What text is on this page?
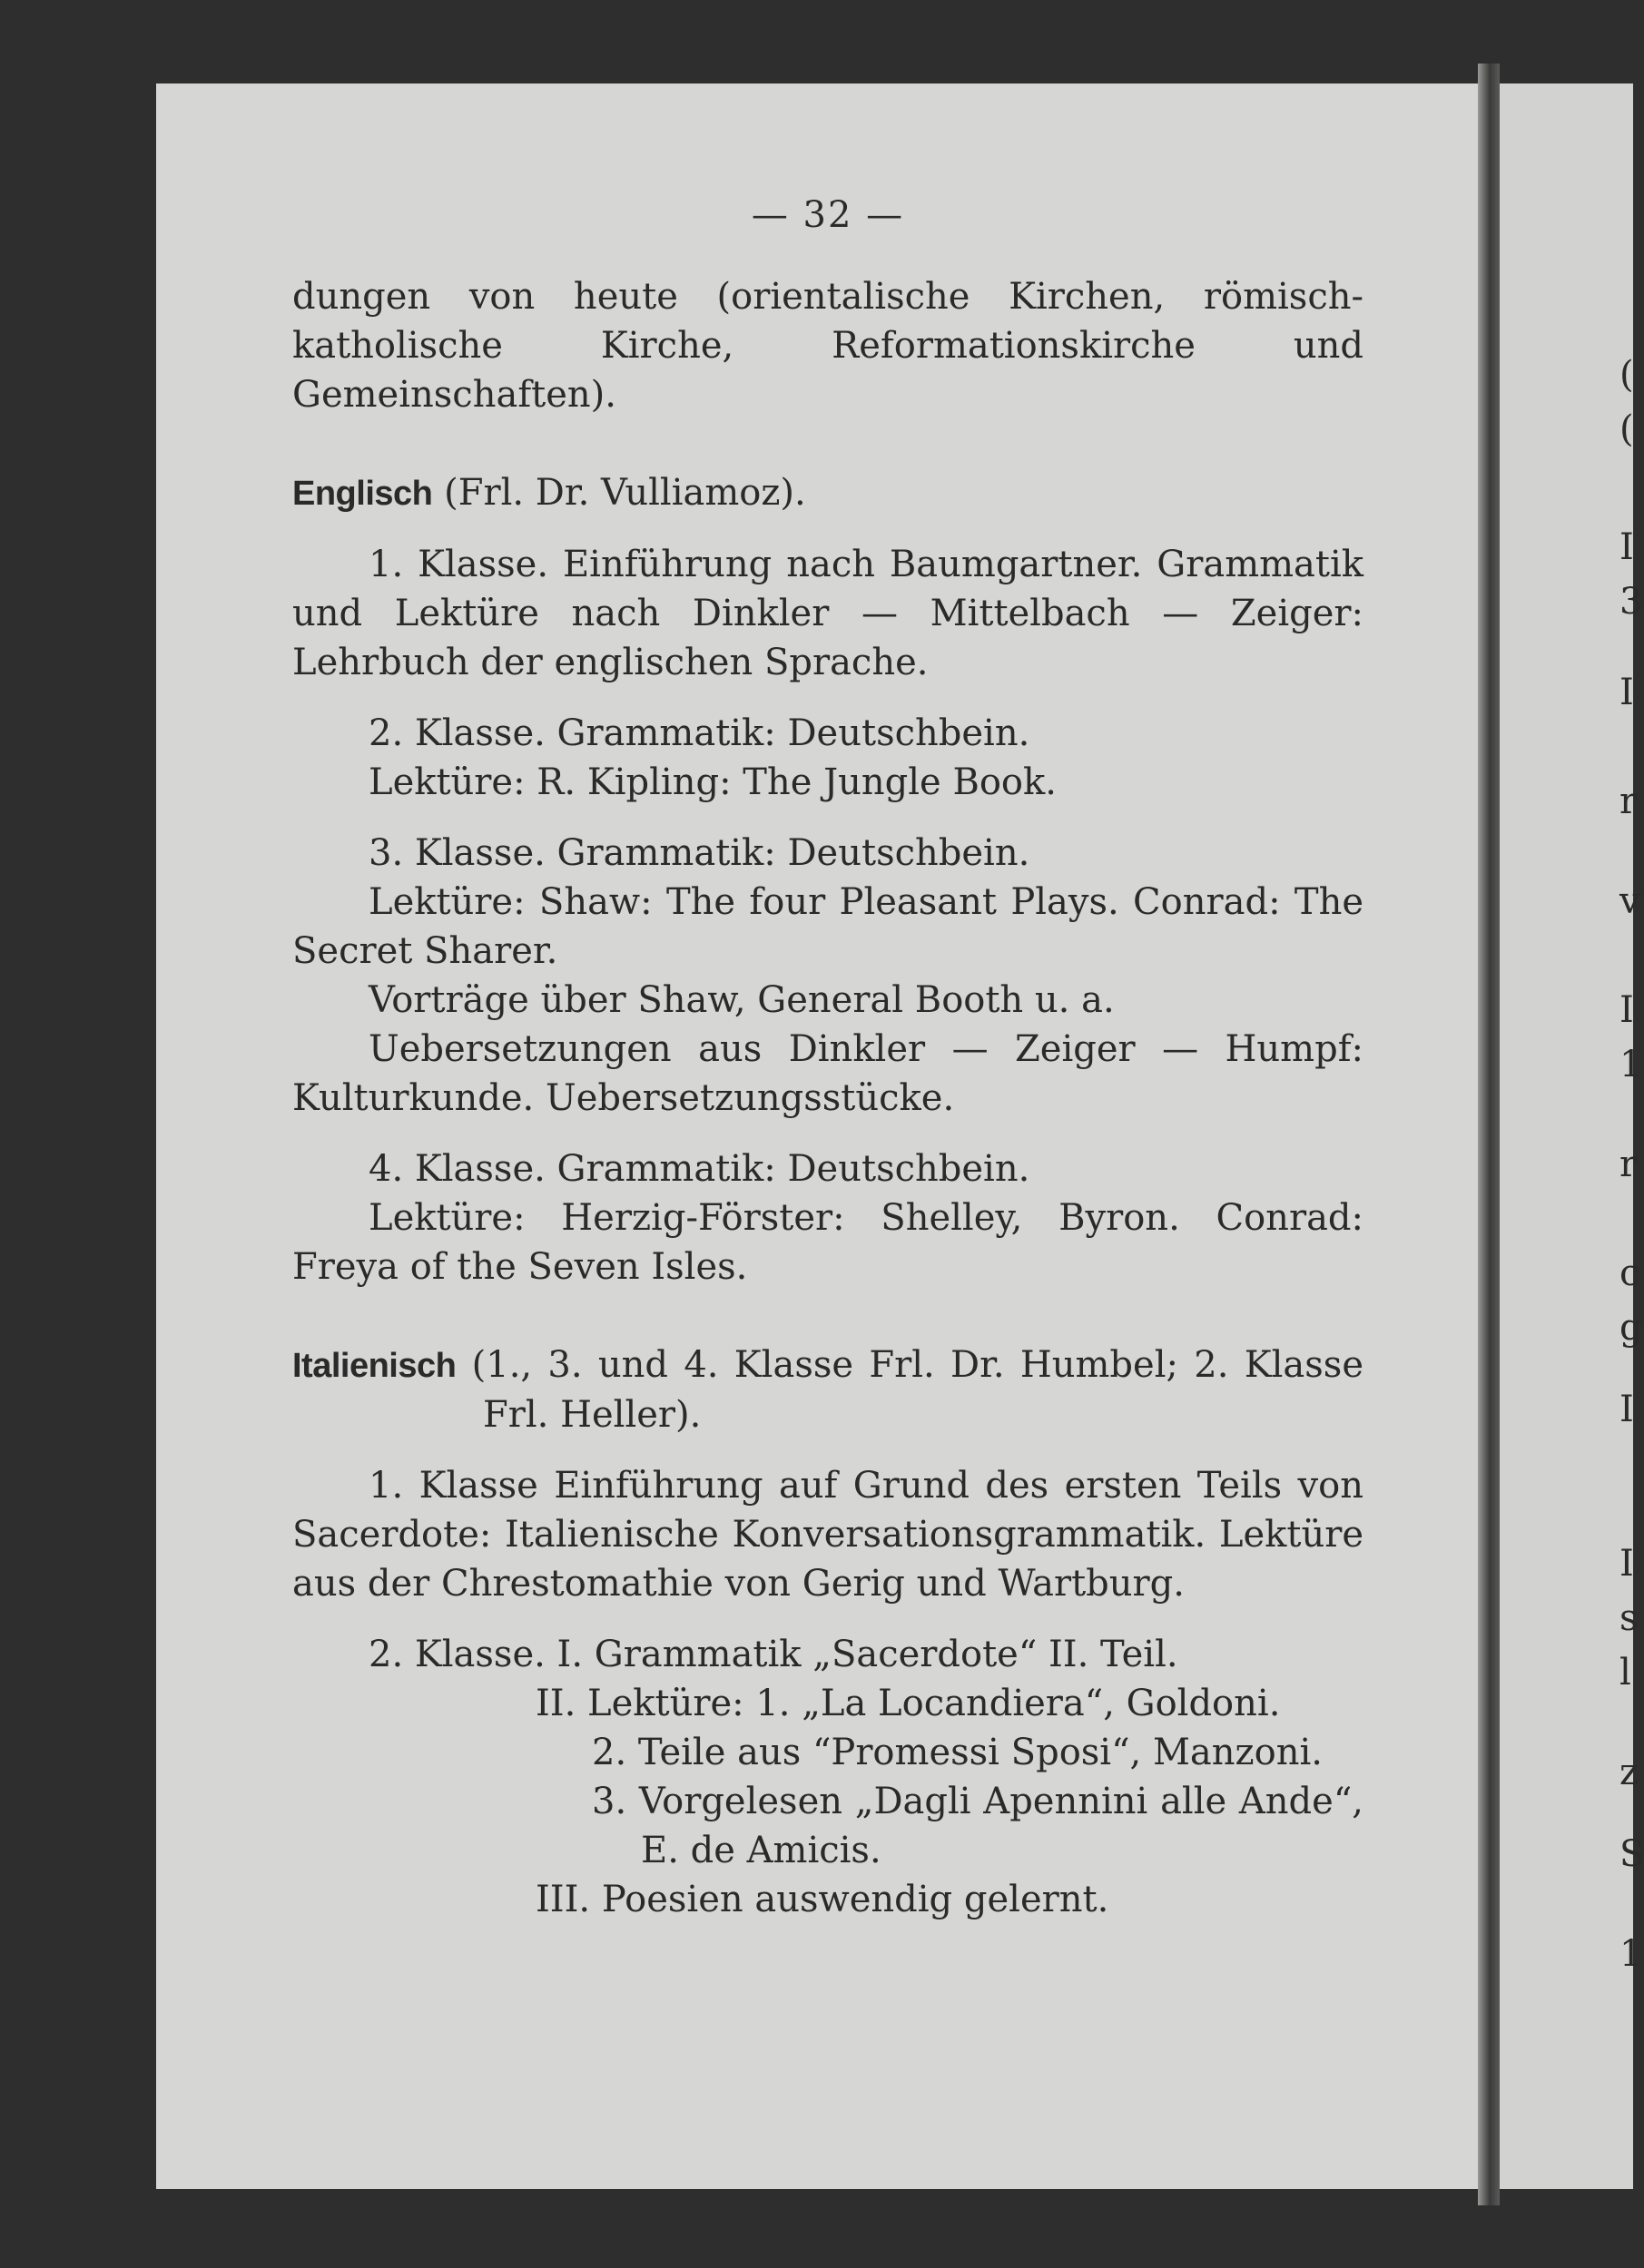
(
(
I
3
I
r
v
I
1
r
c
g
I
I
s
l
z
S
1
— 32 —

dungen von heute (orientalische Kirchen, römisch-katholische Kirche, Reformationskirche und Gemeinschaften).

Englisch (Frl. Dr. Vulliamoz).

1. Klasse. Einführung nach Baumgartner. Grammatik und Lektüre nach Dinkler — Mittelbach — Zeiger: Lehrbuch der englischen Sprache.

2. Klasse. Grammatik: Deutschbein.

Lektüre: R. Kipling: The Jungle Book.

3. Klasse. Grammatik: Deutschbein.

Lektüre: Shaw: The four Pleasant Plays. Conrad: The Secret Sharer.

Vorträge über Shaw, General Booth u. a.

Uebersetzungen aus Dinkler — Zeiger — Humpf: Kulturkunde. Uebersetzungsstücke.

4. Klasse. Grammatik: Deutschbein.

Lektüre: Herzig-Förster: Shelley, Byron. Conrad: Freya of the Seven Isles.

Italienisch (1., 3. und 4. Klasse Frl. Dr. Humbel; 2. Klasse Frl. Heller).

1. Klasse Einführung auf Grund des ersten Teils von Sacerdote: Italienische Konversationsgrammatik. Lektüre aus der Chrestomathie von Gerig und Wartburg.

2. Klasse. I. Grammatik „Sacerdote“ II. Teil.

II. Lektüre: 1. „La Locandiera“, Goldoni.

2. Teile aus “Promessi Sposi“, Manzoni.

3. Vorgelesen „Dagli Apennini alle Ande“, E. de Amicis.

III. Poesien auswendig gelernt.
